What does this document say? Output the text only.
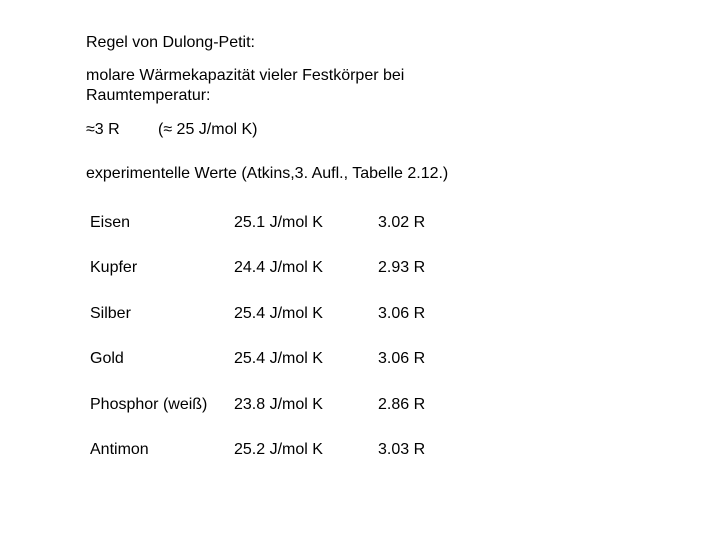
Regel von Dulong-Petit:
molare Wärmekapazität vieler Festkörper bei Raumtemperatur:
≈3 R (≈ 25 J/mol K)
experimentelle Werte (Atkins,3. Aufl., Tabelle 2.12.)
Eisen	25.1 J/mol K	3.02 R
Kupfer	24.4 J/mol K	2.93 R
Silber	25.4 J/mol K	3.06 R
Gold	25.4 J/mol K	3.06 R
Phosphor (weiß) 23.8 J/mol K	2.86 R
Antimon	25.2 J/mol K	3.03 R
